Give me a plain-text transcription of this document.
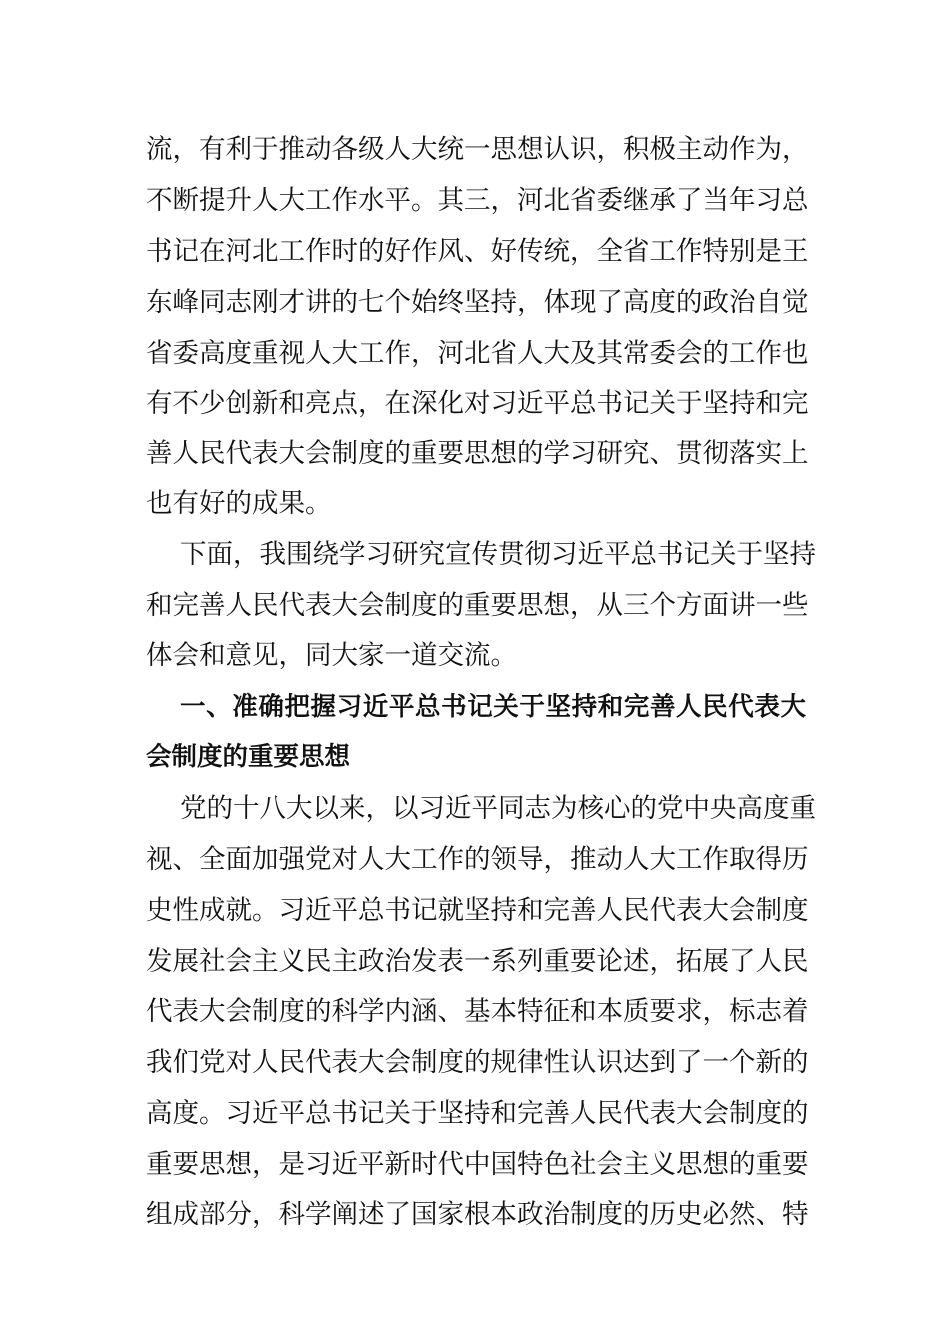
流，有利于推动各级人大统一思想认识，积极主动作为，
不断提升人大工作水平。其三，河北省委继承了当年习总
书记在河北工作时的好作风、好传统，全省工作特别是王
东峰同志刚才讲的七个始终坚持，体现了高度的政治自觉
省委高度重视人大工作，河北省人大及其常委会的工作也
有不少创新和亮点，在深化对习近平总书记关于坚持和完
善人民代表大会制度的重要思想的学习研究、贯彻落实上
也有好的成果。
下面，我围绕学习研究宣传贯彻习近平总书记关于坚持
和完善人民代表大会制度的重要思想，从三个方面讲一些
体会和意见，同大家一道交流。
一、准确把握习近平总书记关于坚持和完善人民代表大
会制度的重要思想
党的十八大以来，以习近平同志为核心的党中央高度重
视、全面加强党对人大工作的领导，推动人大工作取得历
史性成就。习近平总书记就坚持和完善人民代表大会制度
发展社会主义民主政治发表一系列重要论述，拓展了人民
代表大会制度的科学内涵、基本特征和本质要求，标志着
我们党对人民代表大会制度的规律性认识达到了一个新的
高度。习近平总书记关于坚持和完善人民代表大会制度的
重要思想，是习近平新时代中国特色社会主义思想的重要
组成部分，科学阐述了国家根本政治制度的历史必然、特
